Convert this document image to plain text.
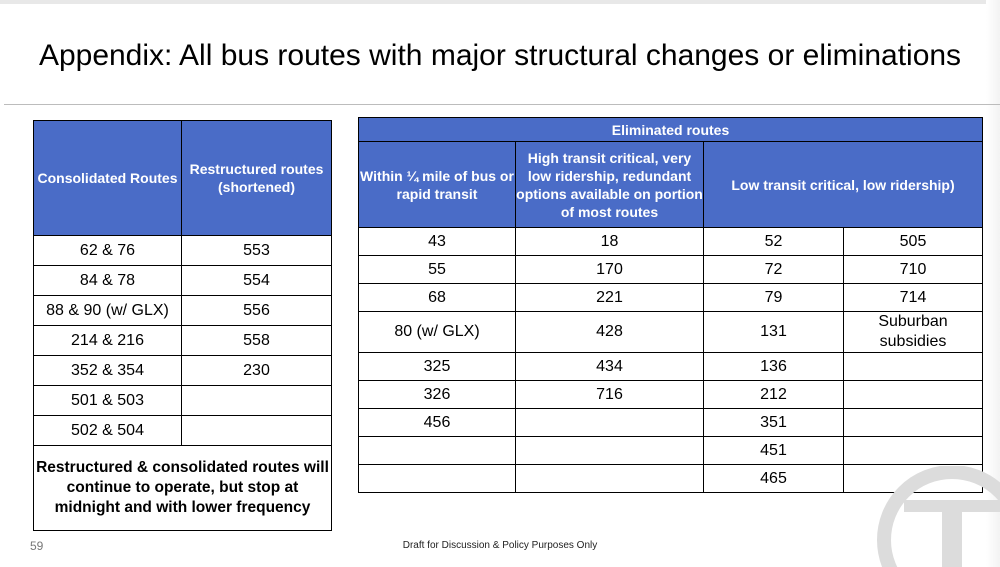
Appendix: All bus routes with major structural changes or eliminations
Consolidated Routes	Restructured routes (shortened)
62 & 76	553
84 & 78	554
88 & 90 (w/ GLX)	556
214 & 216	558
352 & 354	230
501 & 503	
502 & 504	
Restructured & consolidated routes will continue to operate, but stop at midnight and with lower frequency	
Eliminated routes			
Within ¼ mile of bus or rapid transit	High transit critical, very low ridership, redundant options available on portion of most routes	Low transit critical, low ridership)	
43	18	52	505
55	170	72	710
68	221	79	714
80 (w/ GLX)	428	131	Suburban subsidies
325	434	136	
326	716	212	
456		351	
		451	
		465	
59	Draft for Discussion & Policy Purposes Only
